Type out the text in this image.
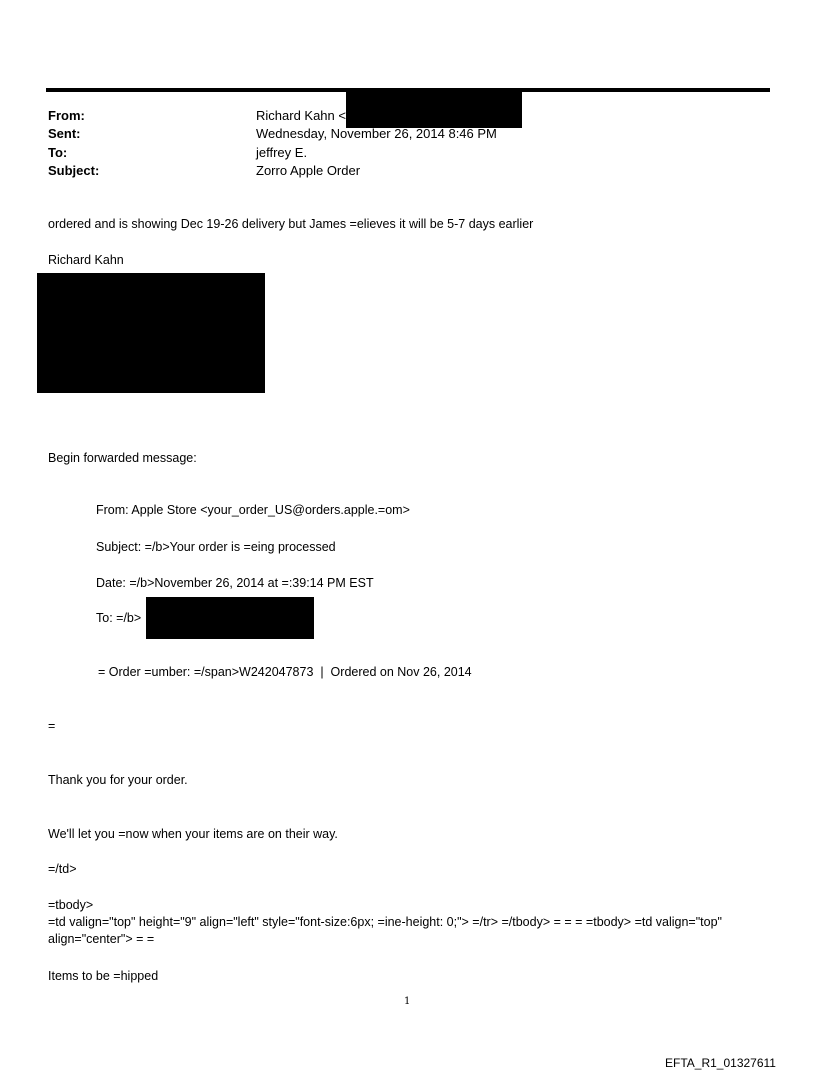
From:
Sent:
To:
Subject:
Richard Kahn <
Wednesday, November 26, 2014 8:46 PM
jeffrey E.
Zorro Apple Order
ordered and is showing Dec 19-26 delivery but James =elieves it will be 5-7 days earlier
Richard Kahn
Begin forwarded message:
From: Apple Store <your_order_US@orders.apple.=om>
Subject: =/b>Your order is =eing processed
Date: =/b>November 26, 2014 at =:39:14 PM EST
To: =/b>
= Order =umber: =/span>W242047873  |  Ordered on Nov 26, 2014
=
Thank you for your order.
We'll let you =now when your items are on their way.
=/td>
=tbody>
=td valign="top" height="9" align="left" style="font-size:6px; =ine-height: 0;"> =/tr> =/tbody> = = = =tbody> =td valign="top" align="center"> = =
Items to be =hipped
1
EFTA_R1_01327611
